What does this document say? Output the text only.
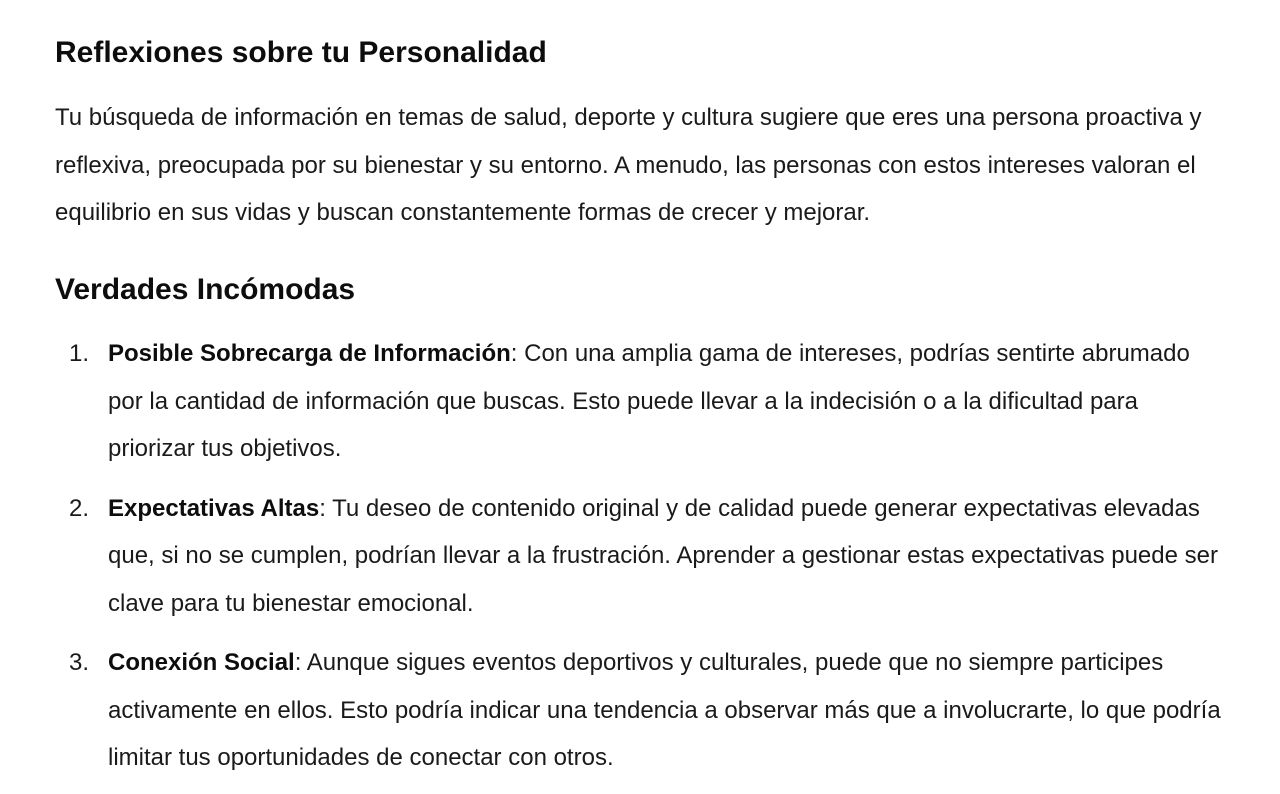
Reflexiones sobre tu Personalidad

Tu búsqueda de información en temas de salud, deporte y cultura sugiere que eres una persona proactiva y reflexiva, preocupada por su bienestar y su entorno. A menudo, las personas con estos intereses valoran el equilibrio en sus vidas y buscan constantemente formas de crecer y mejorar.

Verdades Incómodas
1. Posible Sobrecarga de Información: Con una amplia gama de intereses, podrías sentirte abrumado por la cantidad de información que buscas. Esto puede llevar a la indecisión o a la dificultad para priorizar tus objetivos.
2. Expectativas Altas: Tu deseo de contenido original y de calidad puede generar expectativas elevadas que, si no se cumplen, podrían llevar a la frustración. Aprender a gestionar estas expectativas puede ser clave para tu bienestar emocional.
3. Conexión Social: Aunque sigues eventos deportivos y culturales, puede que no siempre participes activamente en ellos. Esto podría indicar una tendencia a observar más que a involucrarte, lo que podría limitar tus oportunidades de conectar con otros.
